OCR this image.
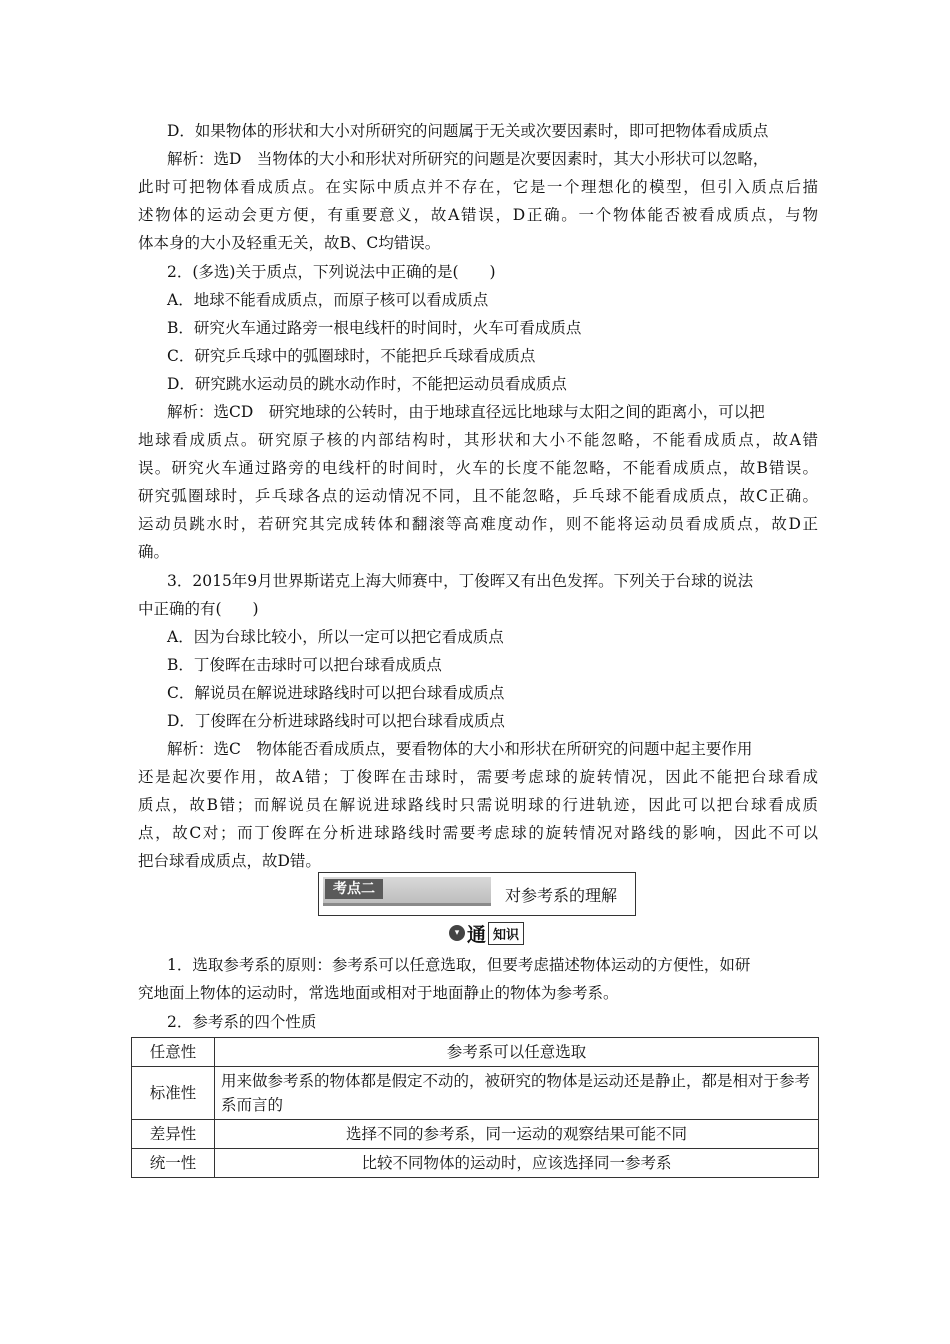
D．如果物体的形状和大小对所研究的问题属于无关或次要因素时，即可把物体看成质点
解析：选D　当物体的大小和形状对所研究的问题是次要因素时，其大小形状可以忽略，
此时可把物体看成质点。在实际中质点并不存在，它是一个理想化的模型，但引入质点后描
述物体的运动会更方便，有重要意义，故A错误，D正确。一个物体能否被看成质点，与物
体本身的大小及轻重无关，故B、C均错误。
2．(多选)关于质点，下列说法中正确的是(　　)
A．地球不能看成质点，而原子核可以看成质点
B．研究火车通过路旁一根电线杆的时间时，火车可看成质点
C．研究乒乓球中的弧圈球时，不能把乒乓球看成质点
D．研究跳水运动员的跳水动作时，不能把运动员看成质点
解析：选CD　研究地球的公转时，由于地球直径远比地球与太阳之间的距离小，可以把
地球看成质点。研究原子核的内部结构时，其形状和大小不能忽略，不能看成质点，故A错
误。研究火车通过路旁的电线杆的时间时，火车的长度不能忽略，不能看成质点，故B错误。
研究弧圈球时，乒乓球各点的运动情况不同，且不能忽略，乒乓球不能看成质点，故C正确。
运动员跳水时，若研究其完成转体和翻滚等高难度动作，则不能将运动员看成质点，故D正
确。
3．2015年9月世界斯诺克上海大师赛中，丁俊晖又有出色发挥。下列关于台球的说法
中正确的有(　　)
A．因为台球比较小，所以一定可以把它看成质点
B．丁俊晖在击球时可以把台球看成质点
C．解说员在解说进球路线时可以把台球看成质点
D．丁俊晖在分析进球路线时可以把台球看成质点
解析：选C　物体能否看成质点，要看物体的大小和形状在所研究的问题中起主要作用
还是起次要作用，故A错；丁俊晖在击球时，需要考虑球的旋转情况，因此不能把台球看成
质点，故B错；而解说员在解说进球路线时只需说明球的行进轨迹，因此可以把台球看成质
点，故C对；而丁俊晖在分析进球路线时需要考虑球的旋转情况对路线的影响，因此不可以
把台球看成质点，故D错。
考点二	对参考系的理解
▾ 通 知识
1．选取参考系的原则：参考系可以任意选取，但要考虑描述物体运动的方便性，如研
究地面上物体的运动时，常选地面或相对于地面静止的物体为参考系。
2．参考系的四个性质
任意性	参考系可以任意选取
标准性	用来做参考系的物体都是假定不动的，被研究的物体是运动还是静止，都是相对于参考系而言的
差异性	选择不同的参考系，同一运动的观察结果可能不同
统一性	比较不同物体的运动时，应该选择同一参考系
